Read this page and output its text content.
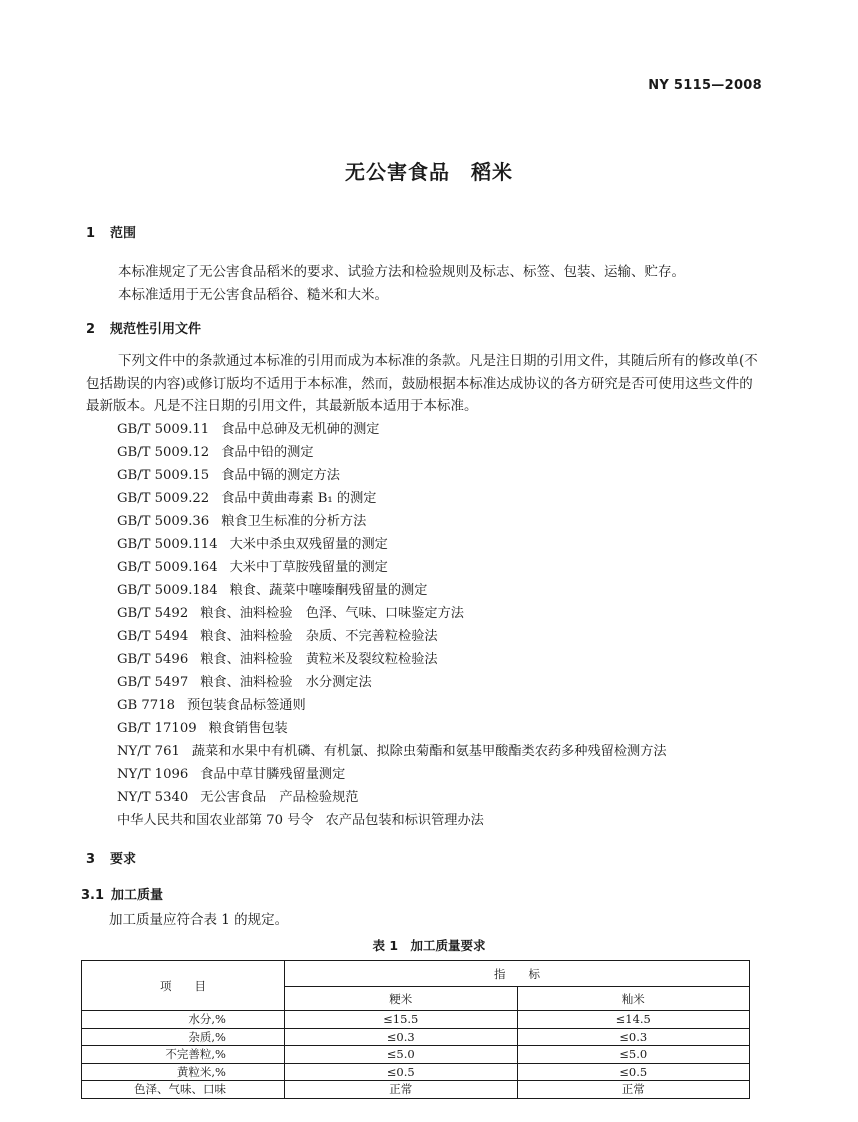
NY 5115—2008
无公害食品　稻米
1 范围
本标准规定了无公害食品稻米的要求、试验方法和检验规则及标志、标签、包装、运输、贮存。
本标准适用于无公害食品稻谷、糙米和大米。
2 规范性引用文件
下列文件中的条款通过本标准的引用而成为本标准的条款。凡是注日期的引用文件，其随后所有的修改单(不包括勘误的内容)或修订版均不适用于本标准，然而，鼓励根据本标准达成协议的各方研究是否可使用这些文件的最新版本。凡是不注日期的引用文件，其最新版本适用于本标准。
GB/T 5009.11 食品中总砷及无机砷的测定
GB/T 5009.12 食品中铅的测定
GB/T 5009.15 食品中镉的测定方法
GB/T 5009.22 食品中黄曲毒素 B₁ 的测定
GB/T 5009.36 粮食卫生标准的分析方法
GB/T 5009.114 大米中杀虫双残留量的测定
GB/T 5009.164 大米中丁草胺残留量的测定
GB/T 5009.184 粮食、蔬菜中噻嗪酮残留量的测定
GB/T 5492 粮食、油料检验　色泽、气味、口味鉴定方法
GB/T 5494 粮食、油料检验　杂质、不完善粒检验法
GB/T 5496 粮食、油料检验　黄粒米及裂纹粒检验法
GB/T 5497 粮食、油料检验　水分测定法
GB 7718 预包装食品标签通则
GB/T 17109 粮食销售包装
NY/T 761 蔬菜和水果中有机磷、有机氯、拟除虫菊酯和氨基甲酸酯类农药多种残留检测方法
NY/T 1096 食品中草甘膦残留量测定
NY/T 5340 无公害食品　产品检验规范
中华人民共和国农业部第 70 号令 农产品包装和标识管理办法
3 要求
3.1 加工质量
加工质量应符合表 1 的规定。
表 1　加工质量要求
项　　目	指　　标	
	粳米	籼米
水分,%	≤15.5	≤14.5
杂质,%	≤0.3	≤0.3
不完善粒,%	≤5.0	≤5.0
黄粒米,%	≤0.5	≤0.5
色泽、气味、口味	正常	正常
